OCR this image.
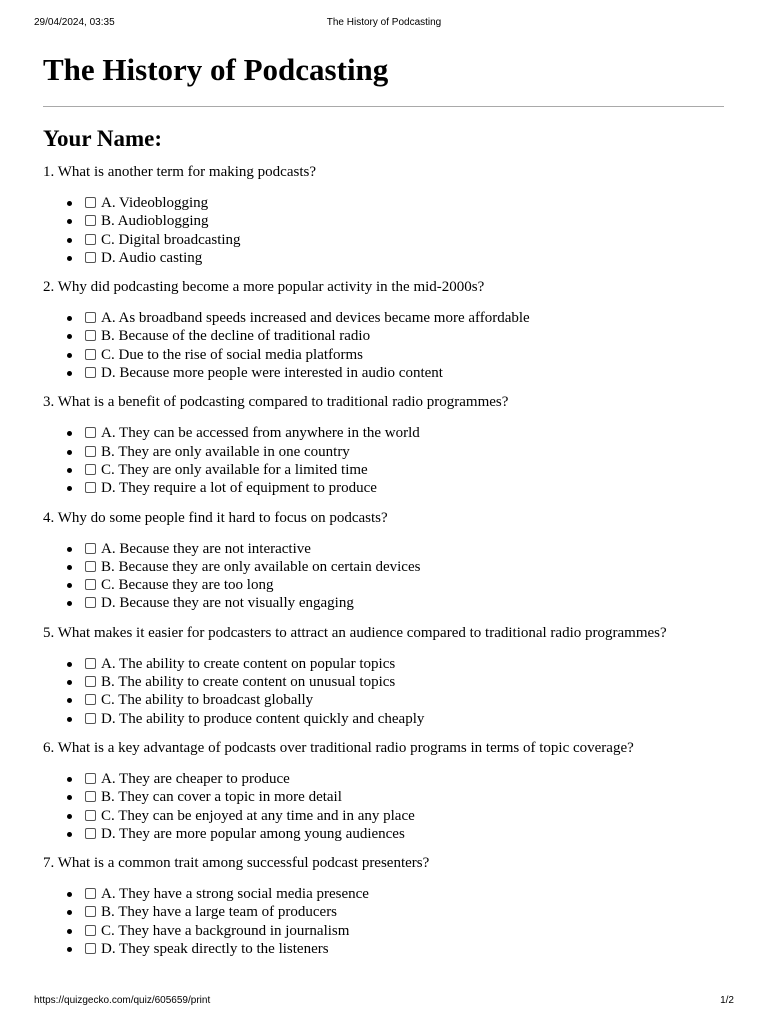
29/04/2024, 03:35	The History of Podcasting
The History of Podcasting
Your Name:

1. What is another term for making podcasts?

A. Videoblogging
B. Audioblogging
C. Digital broadcasting
D. Audio casting

2. Why did podcasting become a more popular activity in the mid-2000s?

A. As broadband speeds increased and devices became more affordable
B. Because of the decline of traditional radio
C. Due to the rise of social media platforms
D. Because more people were interested in audio content

3. What is a benefit of podcasting compared to traditional radio programmes?

A. They can be accessed from anywhere in the world
B. They are only available in one country
C. They are only available for a limited time
D. They require a lot of equipment to produce

4. Why do some people find it hard to focus on podcasts?

A. Because they are not interactive
B. Because they are only available on certain devices
C. Because they are too long
D. Because they are not visually engaging

5. What makes it easier for podcasters to attract an audience compared to traditional radio programmes?

A. The ability to create content on popular topics
B. The ability to create content on unusual topics
C. The ability to broadcast globally
D. The ability to produce content quickly and cheaply

6. What is a key advantage of podcasts over traditional radio programs in terms of topic coverage?

A. They are cheaper to produce
B. They can cover a topic in more detail
C. They can be enjoyed at any time and in any place
D. They are more popular among young audiences

7. What is a common trait among successful podcast presenters?

A. They have a strong social media presence
B. They have a large team of producers
C. They have a background in journalism
D. They speak directly to the listeners
https://quizgecko.com/quiz/605659/print	1/2
